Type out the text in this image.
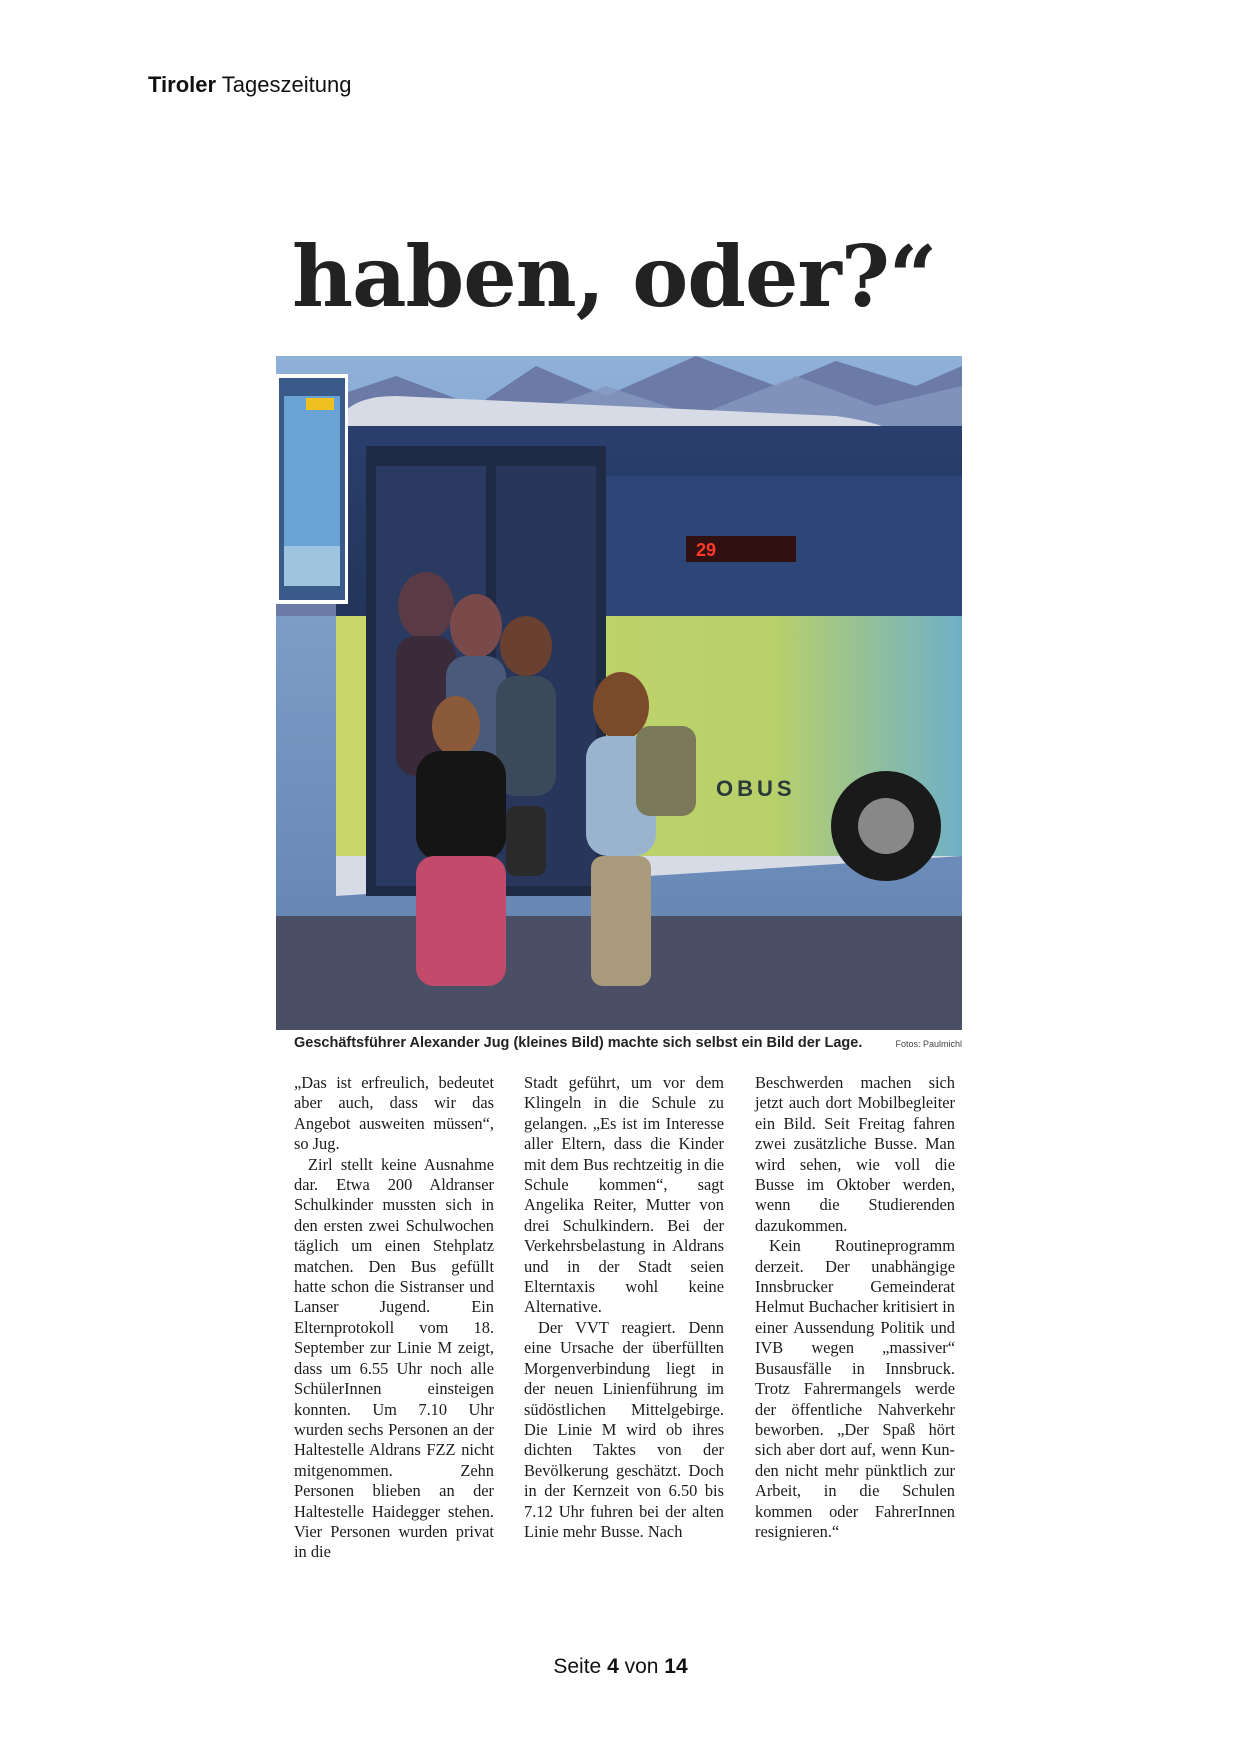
Tiroler Tageszeitung
haben, oder?“
29
OBUS
Geschäftsführer Alexander Jug (kleines Bild) machte sich selbst ein Bild der Lage.	Fotos: Paulmichl

„Das ist erfreulich, bedeutet aber auch, dass wir das Angebot ausweiten müssen“, so Jug.

Zirl stellt keine Ausnahme dar. Etwa 200 Aldranser Schulkinder mussten sich in den ersten zwei Schulwochen täglich um einen Stehplatz matchen. Den Bus gefüllt hatte schon die Sistranser und Lanser Jugend. Ein Elternprotokoll vom 18. September zur Linie M zeigt, dass um 6.55 Uhr noch alle SchülerInnen einsteigen konnten. Um 7.10 Uhr wurden sechs Personen an der Haltestelle Aldrans FZZ nicht mitgenommen. Zehn Personen blieben an der Haltestelle Haidegger stehen. Vier Personen wurden privat in die

Stadt geführt, um vor dem Klingeln in die Schule zu gelangen. „Es ist im Interesse aller Eltern, dass die Kinder mit dem Bus rechtzeitig in die Schule kommen“, sagt Angelika Reiter, Mutter von drei Schulkindern. Bei der Verkehrsbelastung in Aldrans und in der Stadt seien Elterntaxis wohl keine Alternative.

Der VVT reagiert. Denn eine Ursache der überfüllten Morgenverbindung liegt in der neuen Linienführung im südöstlichen Mittelgebirge. Die Linie M wird ob ihres dichten Taktes von der Bevölkerung geschätzt. Doch in der Kernzeit von 6.50 bis 7.12 Uhr fuhren bei der alten Linie mehr Busse. Nach

Beschwerden machen sich jetzt auch dort Mobilbegleiter ein Bild. Seit Freitag fahren zwei zusätzliche Busse. Man wird sehen, wie voll die Busse im Oktober werden, wenn die Studierenden dazukommen.

Kein Routineprogramm derzeit. Der unabhängige Innsbrucker Gemeinderat Helmut Buchacher kritisiert in einer Aussendung Politik und IVB wegen „massiver“ Busausfälle in Innsbruck. Trotz Fahrermangels werde der öffentliche Nahverkehr beworben. „Der Spaß hört sich aber dort auf, wenn Kunden nicht mehr pünktlich zur Arbeit, in die Schulen kommen oder FahrerInnen resignieren.“

Seite 4 von 14
